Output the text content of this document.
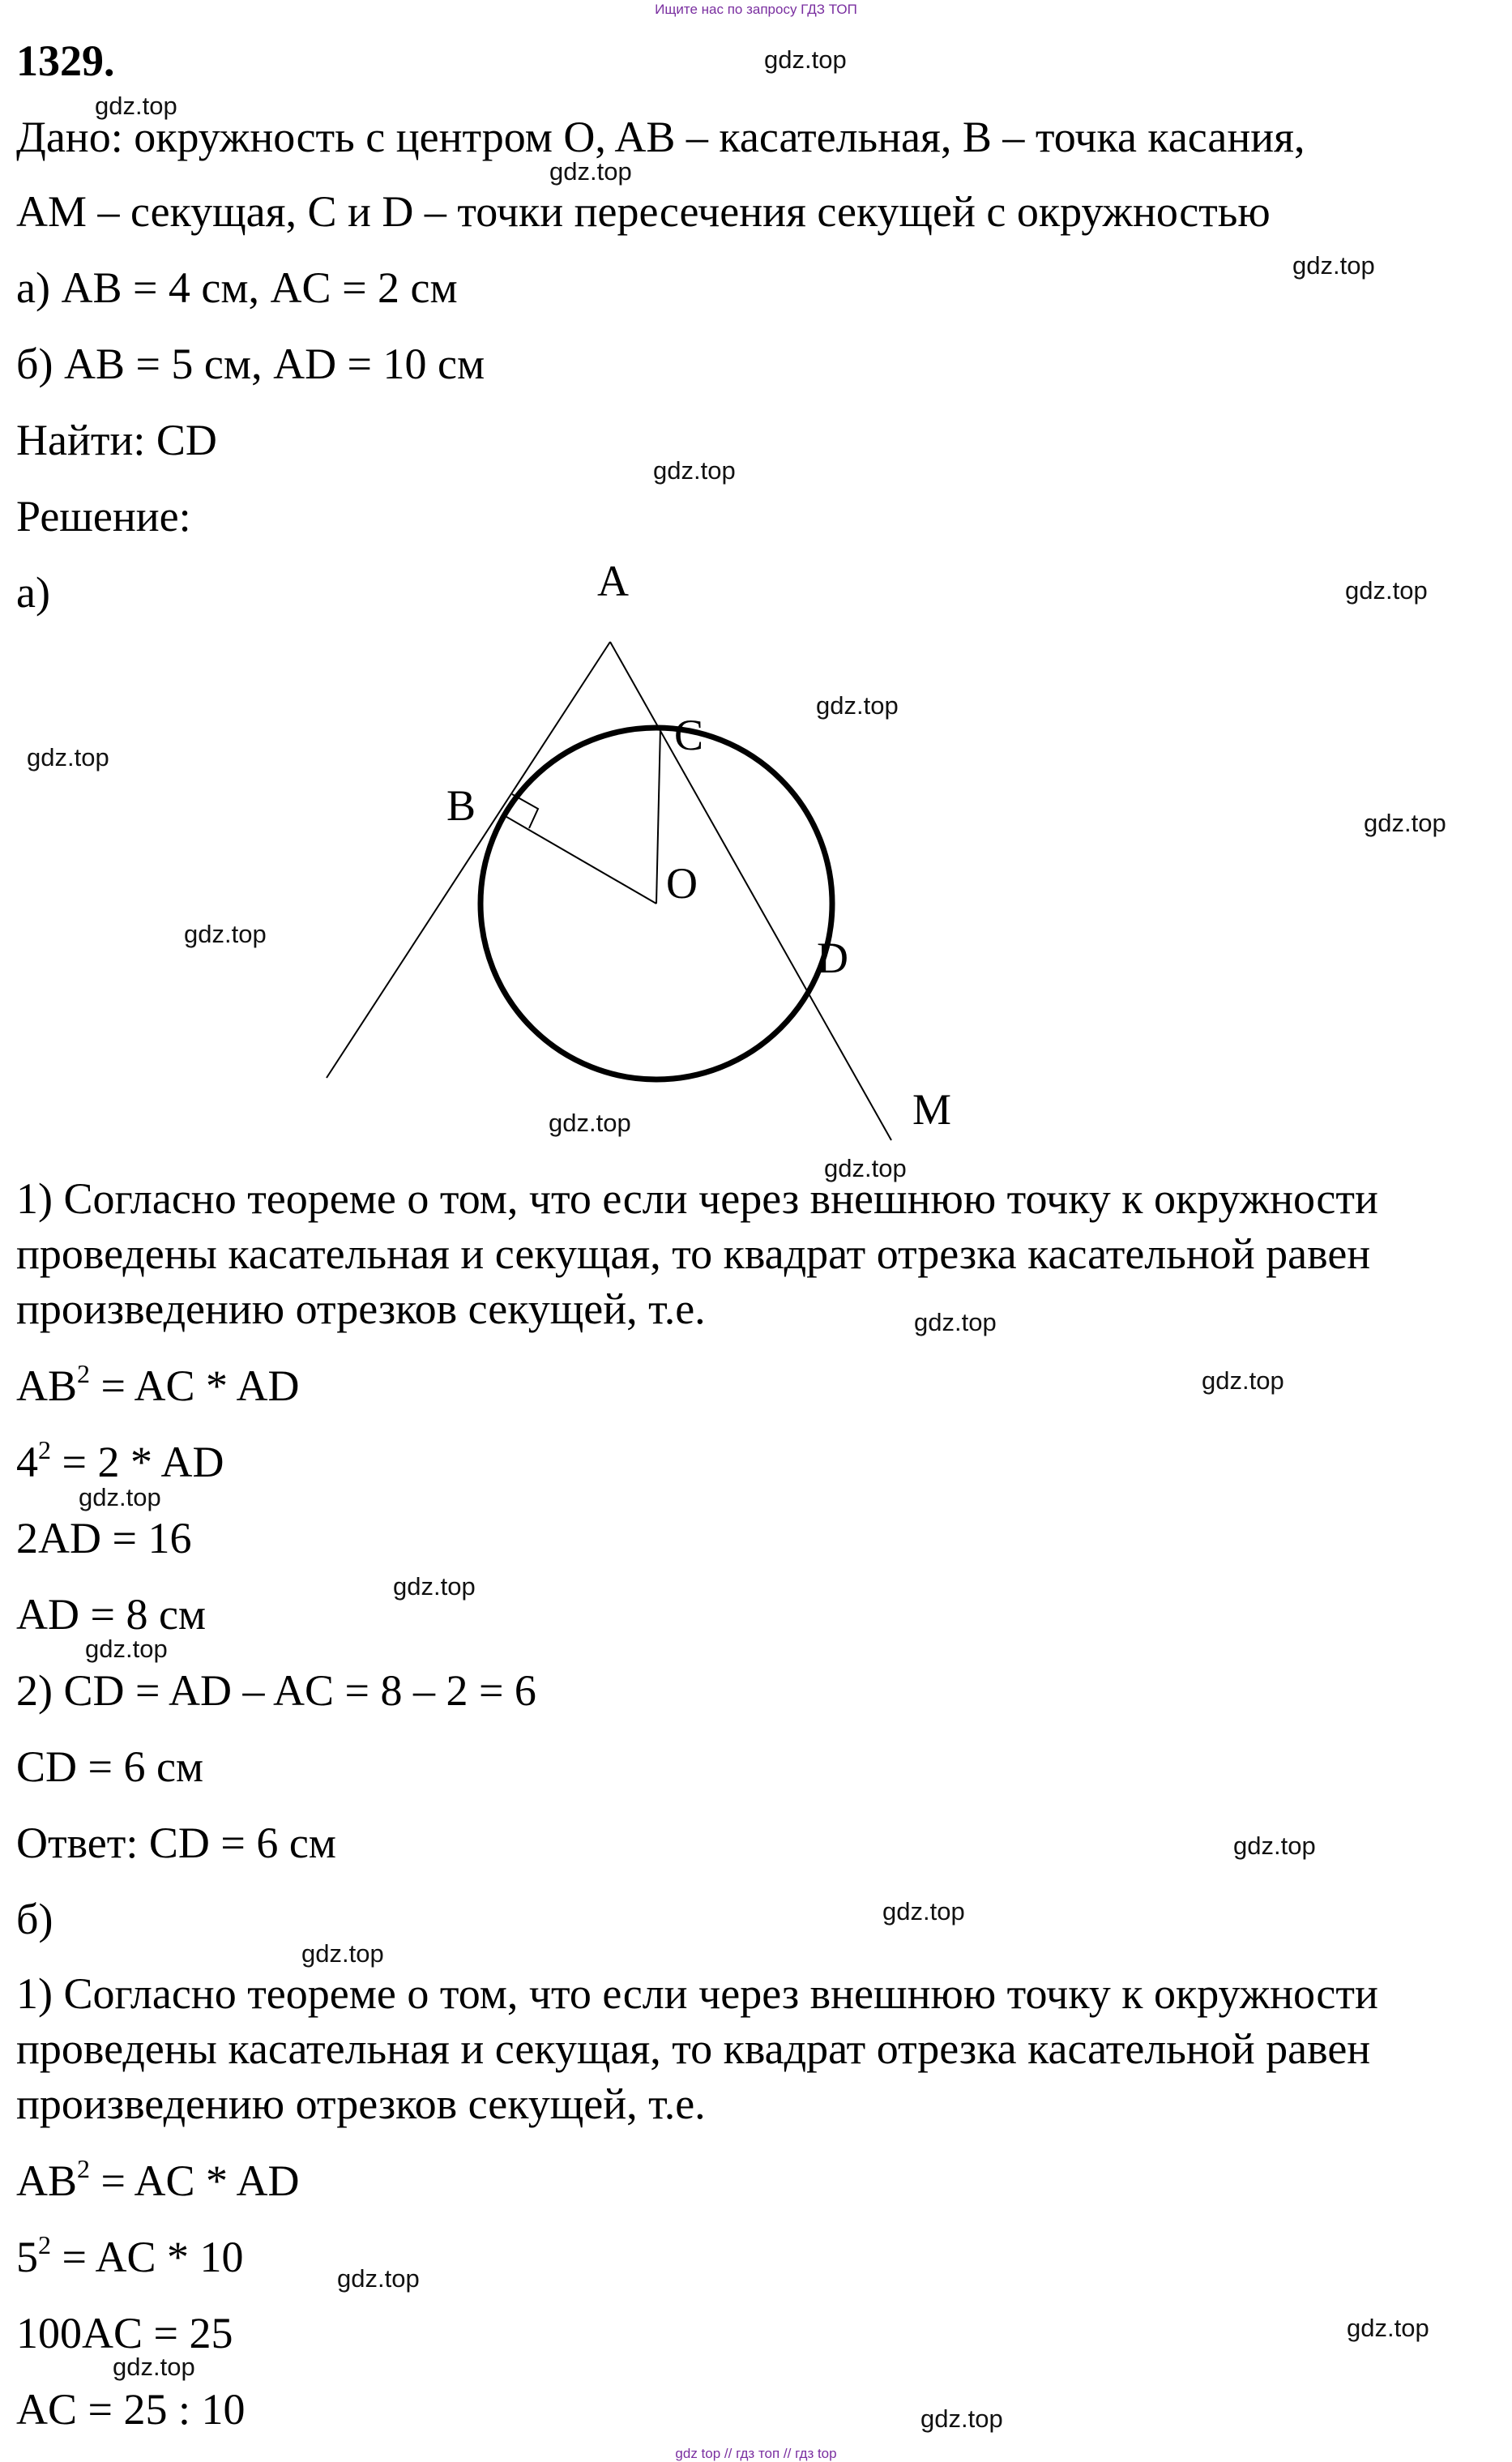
Ищите нас по запросу ГДЗ ТОП
1329.
Дано: окружность с центром O, AB – касательная, B – точка касания,
AM – секущая, C и D – точки пересечения секущей с окружностью
а) AB = 4 см, AC = 2 см
б) AB = 5 см, AD = 10 см
Найти: CD
Решение:
а)	A
B
C
O
D
M
1) Согласно теореме о том, что если через внешнюю точку к окружности
проведены касательная и секущая, то квадрат отрезка касательной равен
произведению отрезков секущей, т.е.
$AB^2$ = AC * AD
$4^2 = 2$ * AD
2AD = 16
AD = 8 см
2) CD = AD – AC = 8 – 2 = 6
CD = 6 см
Ответ: CD = 6 см
б)
1) Согласно теореме о том, что если через внешнюю точку к окружности
проведены касательная и секущая, то квадрат отрезка касательной равен
произведению отрезков секущей, т.е.
$AB^2$ = AC * AD
$5^2$ = AC * 10
100AC = 25
AC = 25 : 10
gdz.top
gdz.top
gdz.top
gdz.top
gdz.top
gdz.top
gdz.top
gdz.top
gdz.top
gdz.top
gdz.top
gdz.top
gdz.top
gdz.top
gdz.top
gdz.top
gdz.top
gdz.top
gdz.top
gdz.top
gdz.top
gdz.top
gdz.top
gdz.top
gdz top // гдз топ // гдз top
